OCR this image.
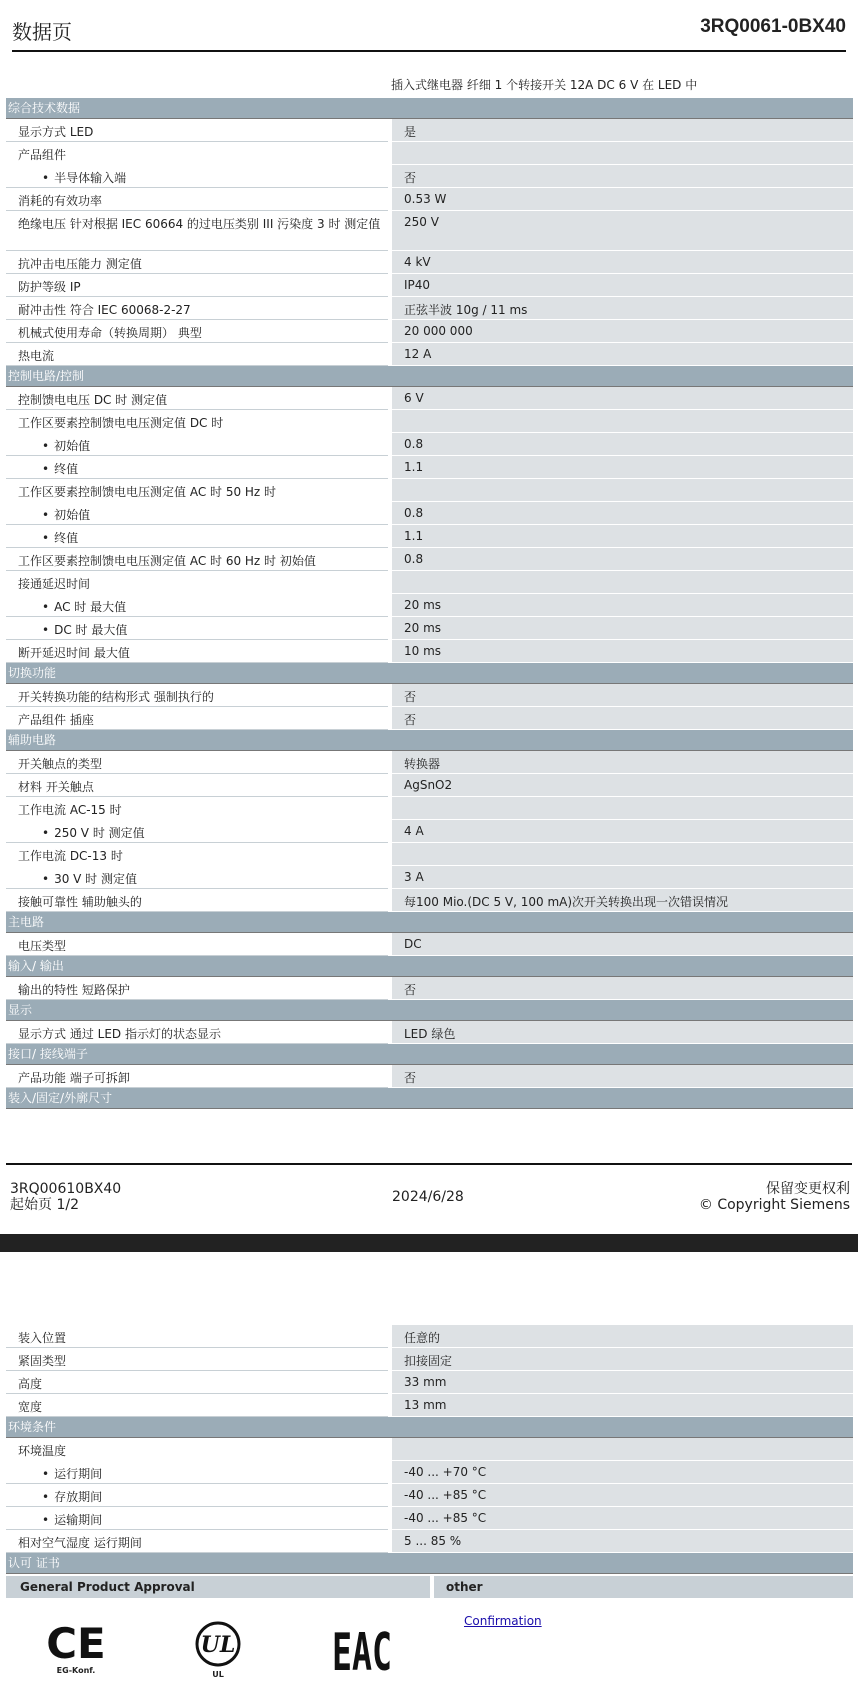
数据页	3RQ0061-0BX40
插入式继电器 纤细 1 个转接开关 12A DC 6 V 在 LED 中
综合技术数据
显示方式 LED	是
产品组件
• 半导体输入端	否
消耗的有效功率	0.53 W
绝缘电压 针对根据 IEC 60664 的过电压类别 III 污染度 3 时 测定值	250 V
抗冲击电压能力 测定值	4 kV
防护等级 IP	IP40
耐冲击性 符合 IEC 60068-2-27	正弦半波 10g / 11 ms
机械式使用寿命（转换周期） 典型	20 000 000
热电流	12 A
控制电路/控制
控制馈电电压 DC 时 测定值	6 V
工作区要素控制馈电电压测定值 DC 时
• 初始值	0.8
• 终值	1.1
工作区要素控制馈电电压测定值 AC 时 50 Hz 时
• 初始值	0.8
• 终值	1.1
工作区要素控制馈电电压测定值 AC 时 60 Hz 时 初始值	0.8
接通延迟时间
• AC 时 最大值	20 ms
• DC 时 最大值	20 ms
断开延迟时间 最大值	10 ms
切换功能
开关转换功能的结构形式 强制执行的	否
产品组件 插座	否
辅助电路
开关触点的类型	转换器
材料 开关触点	AgSnO2
工作电流 AC-15 时
• 250 V 时 测定值	4 A
工作电流 DC-13 时
• 30 V 时 测定值	3 A
接触可靠性 辅助触头的	每100 Mio.(DC 5 V, 100 mA)次开关转换出现一次错误情况
主电路
电压类型	DC
输入/ 输出
输出的特性 短路保护	否
显示
显示方式 通过 LED 指示灯的状态显示	LED 绿色
接口/ 接线端子
产品功能 端子可拆卸	否
装入/固定/外廓尺寸
3RQ00610BX40
起始页 1/2	2024/6/28	保留变更权利
© Copyright Siemens
装入位置	任意的
紧固类型	扣接固定
高度	33 mm
宽度	13 mm
环境条件
环境温度
• 运行期间	-40 ... +70 °C
• 存放期间	-40 ... +85 °C
• 运输期间	-40 ... +85 °C
相对空气湿度 运行期间	5 ... 85 %
认可 证书
General Product Approval	other
CE
EG-Konf.
UL
UL	EAC
Confirmation
